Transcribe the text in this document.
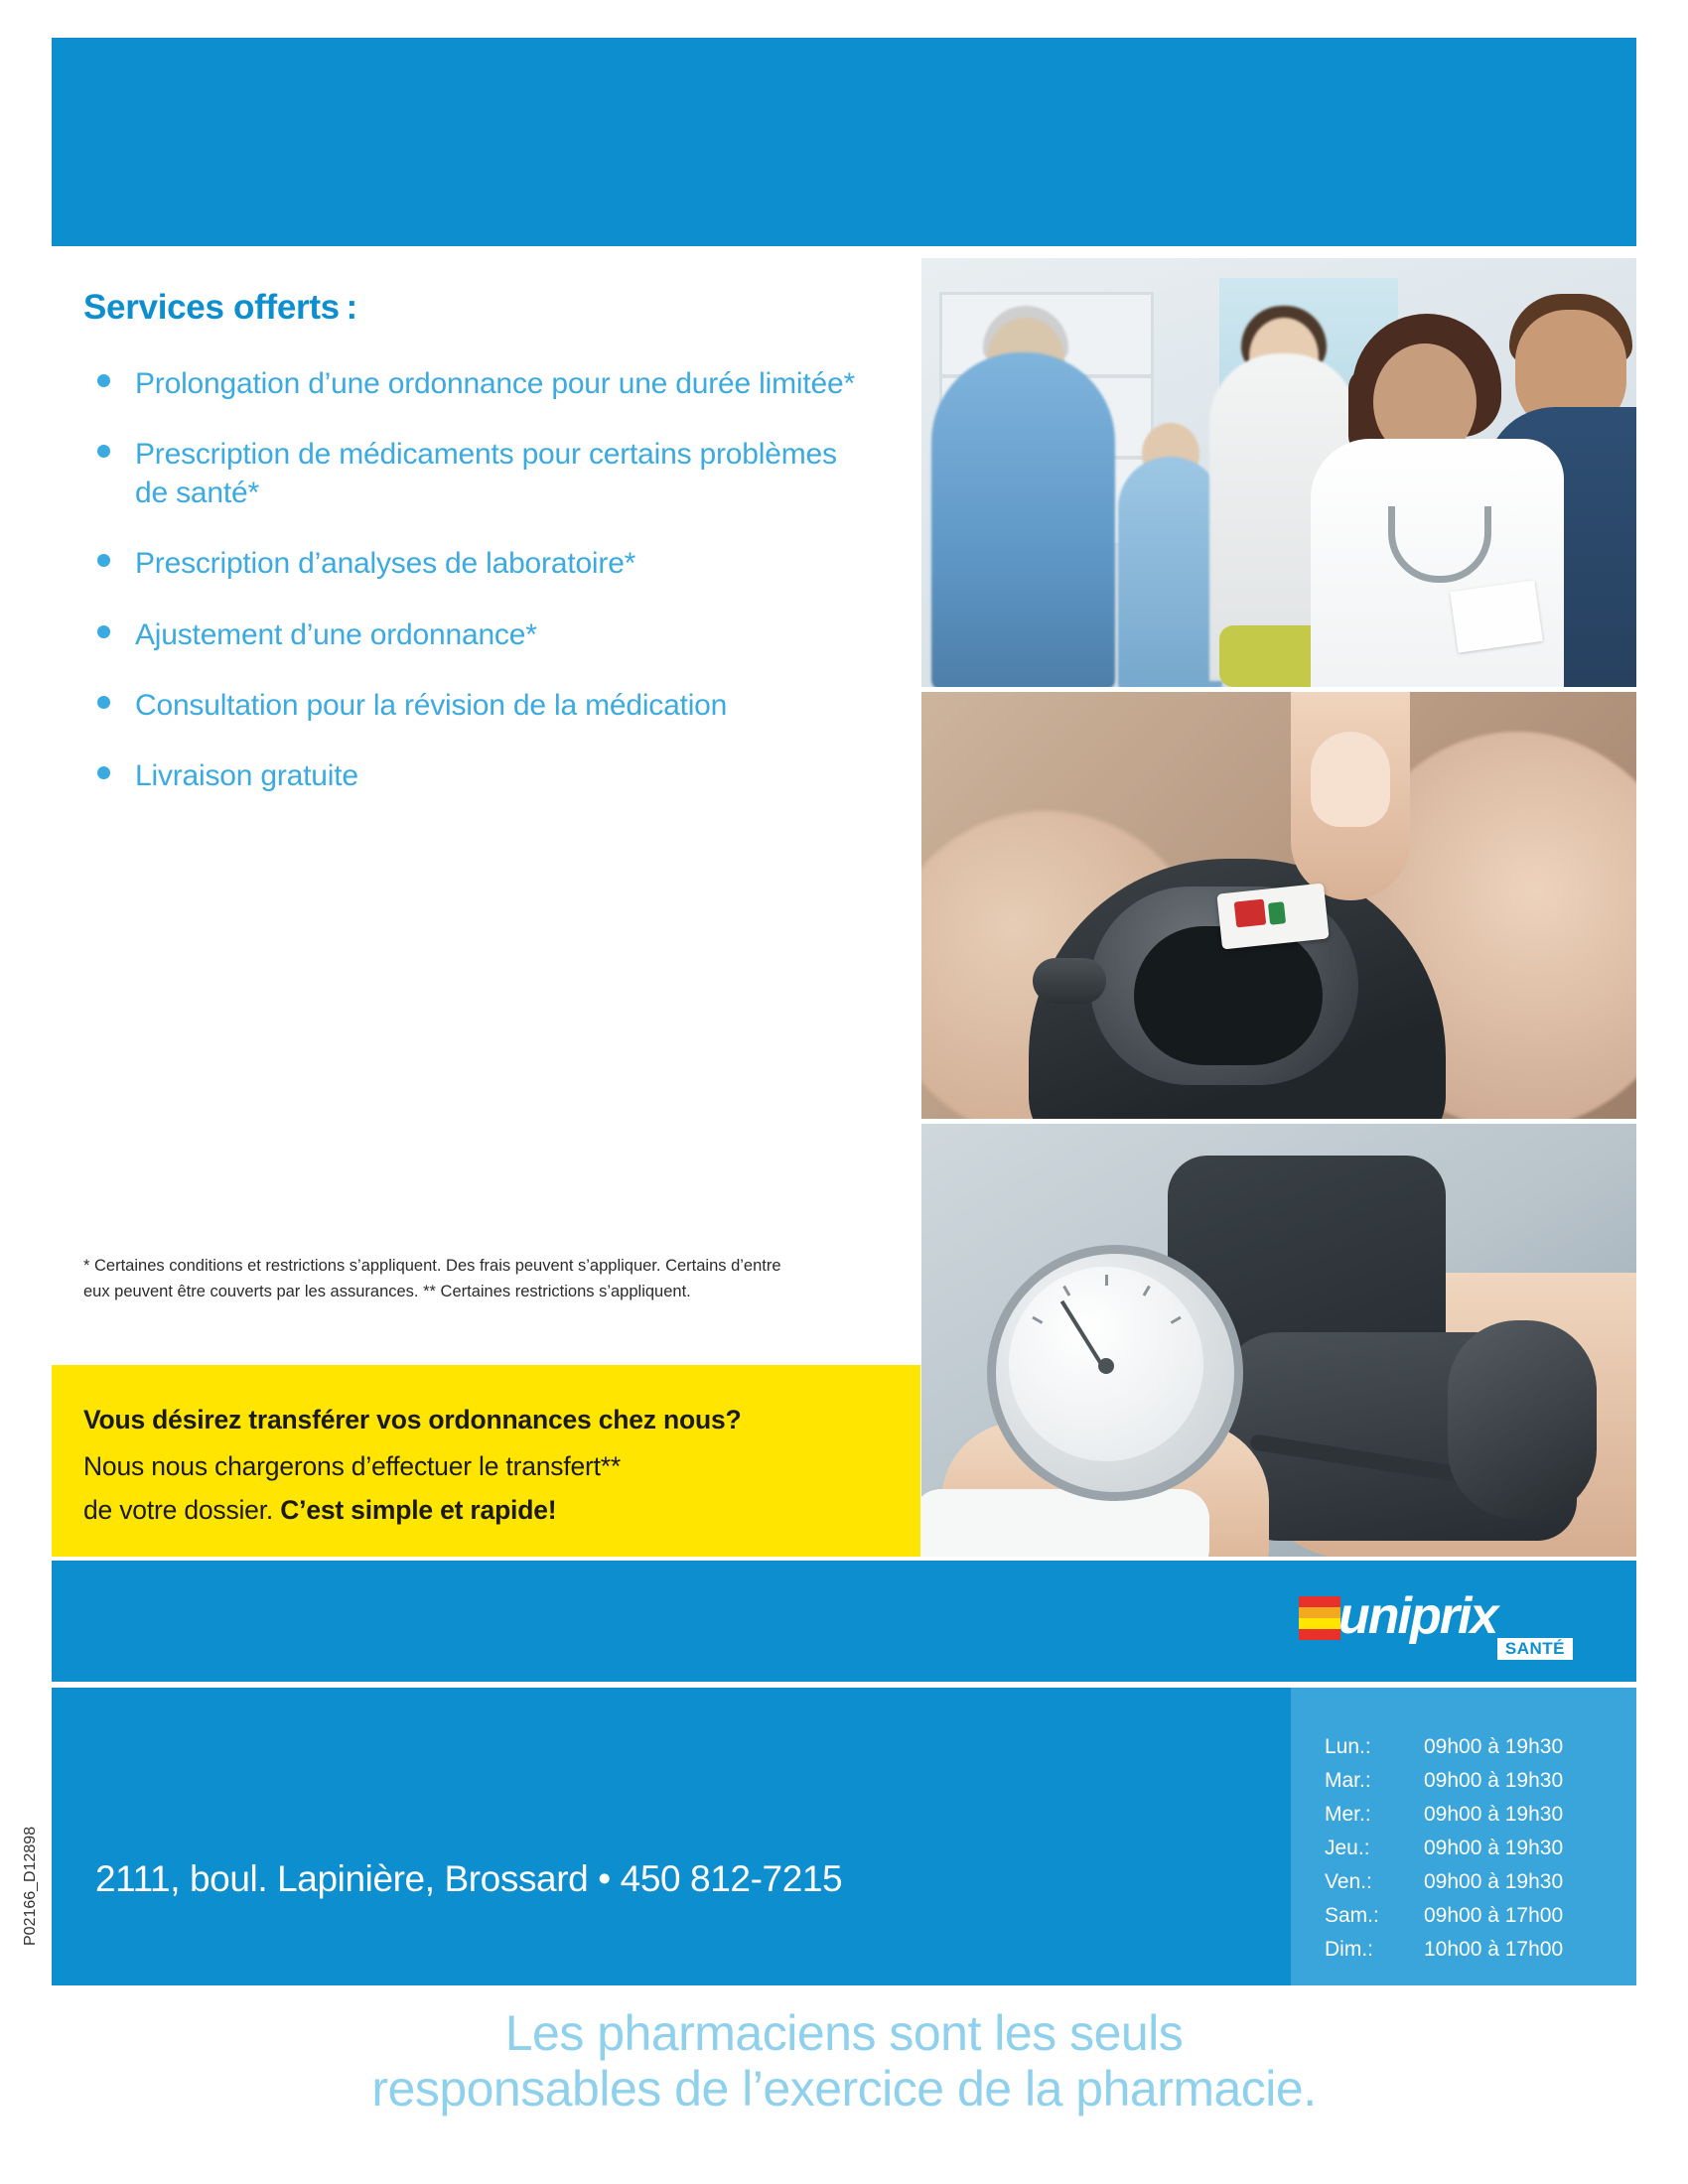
Services offerts :
Prolongation d’une ordonnance pour une durée limitée*
Prescription de médicaments pour certains problèmes de santé*
Prescription d’analyses de laboratoire*
Ajustement d’une ordonnance*
Consultation pour la révision de la médication
Livraison gratuite
* Certaines conditions et restrictions s’appliquent. Des frais peuvent s’appliquer. Certains d’entre eux peuvent être couverts par les assurances. ** Certaines restrictions s’appliquent.
Vous désirez transférer vos ordonnances chez nous?
Nous nous chargerons d’effectuer le transfert**
de votre dossier. C’est simple et rapide!
uniprix
SANTÉ
2111, boul. Lapinière, Brossard • 450 812-7215
Lun.:	09h00 à 19h30
Mar.:	09h00 à 19h30
Mer.:	09h00 à 19h30
Jeu.:	09h00 à 19h30
Ven.: 09h00 à 19h30
Sam.: 09h00 à 17h00
Dim.: 10h00 à 17h00
Les pharmaciens sont les seuls
responsables de l’exercice de la pharmacie.
P02166_D12898
